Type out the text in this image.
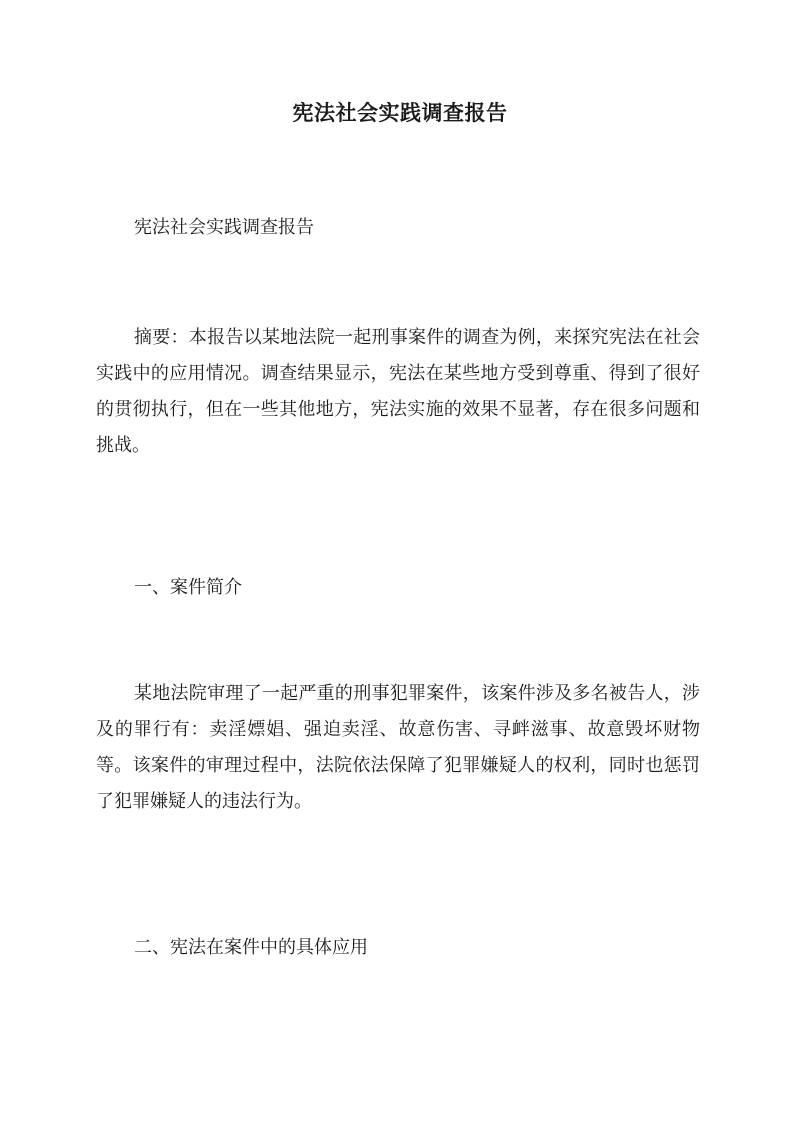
宪法社会实践调查报告
宪法社会实践调查报告
摘要：本报告以某地法院一起刑事案件的调查为例，来探究宪法在社会实践中的应用情况。调查结果显示，宪法在某些地方受到尊重、得到了很好的贯彻执行，但在一些其他地方，宪法实施的效果不显著，存在很多问题和挑战。
一、案件简介
某地法院审理了一起严重的刑事犯罪案件，该案件涉及多名被告人，涉及的罪行有：卖淫嫖娼、强迫卖淫、故意伤害、寻衅滋事、故意毁坏财物等。该案件的审理过程中，法院依法保障了犯罪嫌疑人的权利，同时也惩罚了犯罪嫌疑人的违法行为。
二、宪法在案件中的具体应用
